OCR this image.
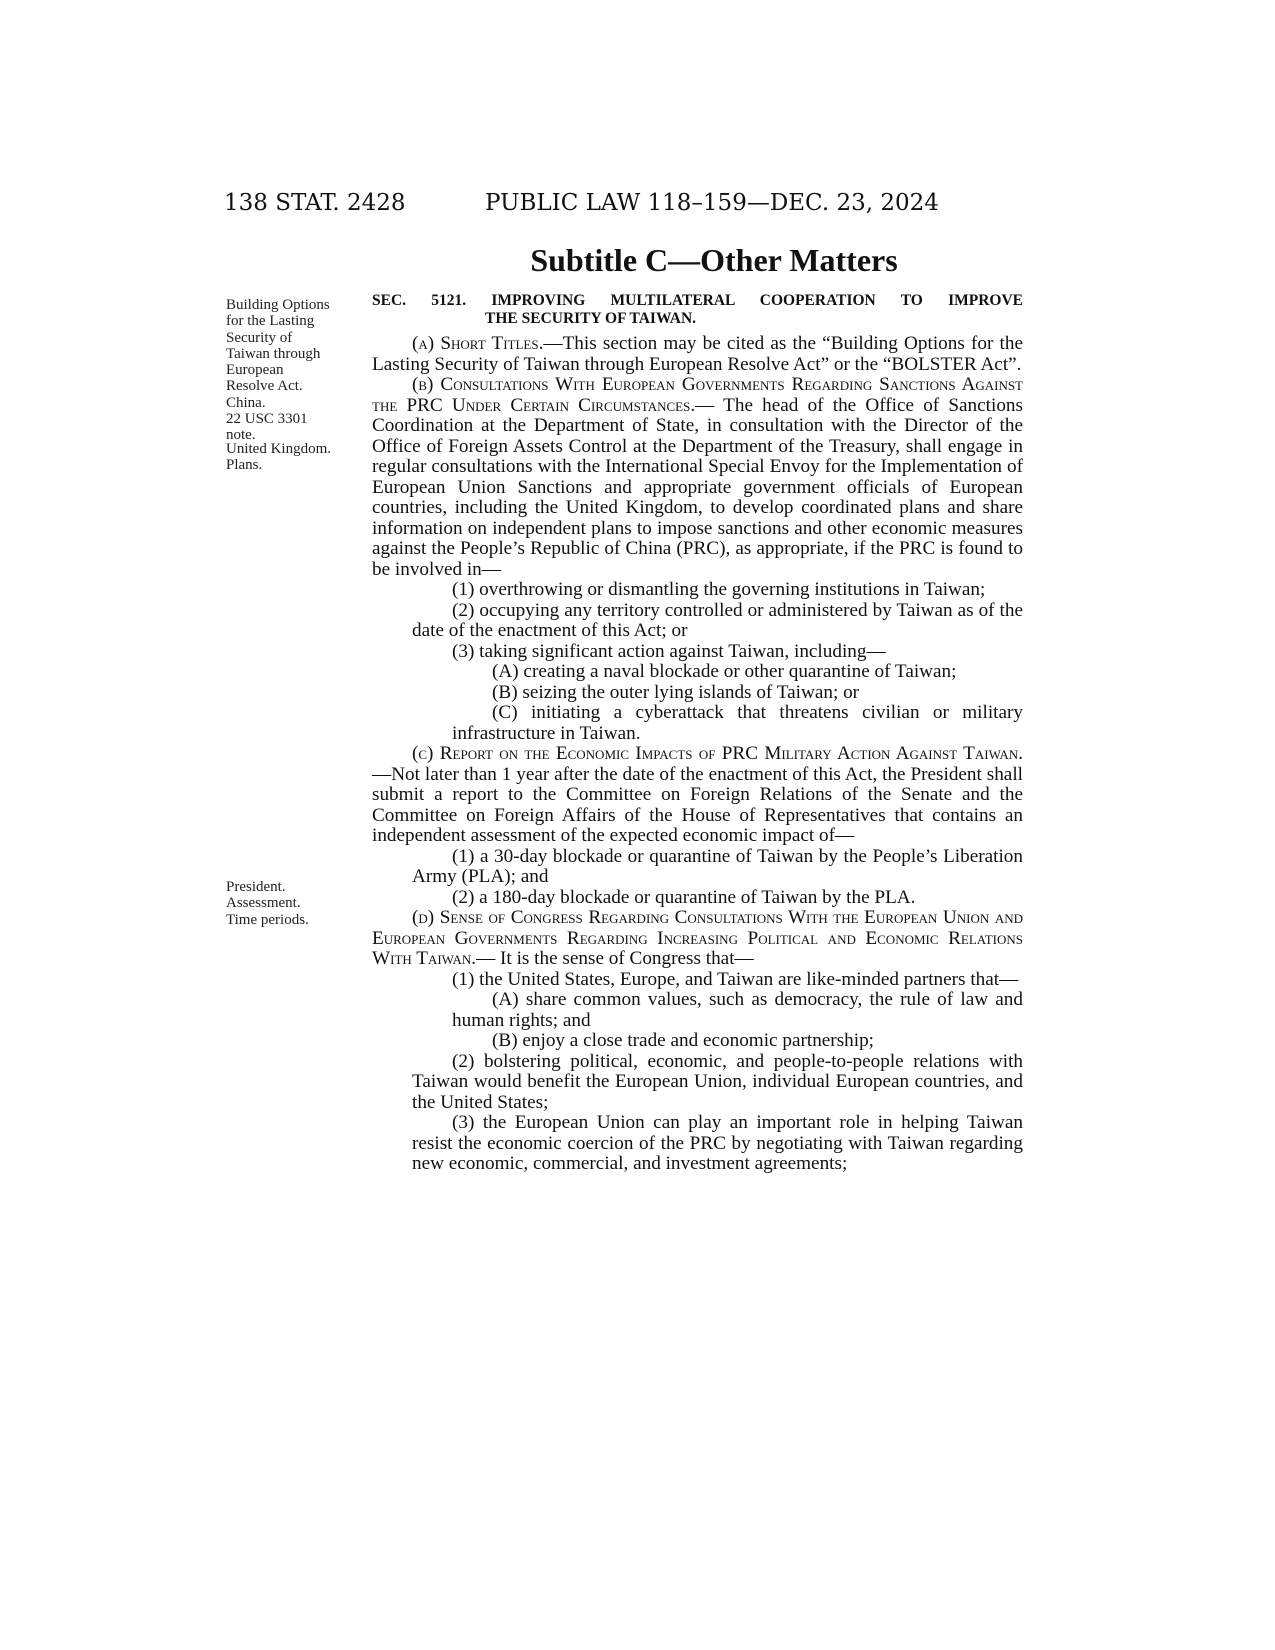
138 STAT. 2428	PUBLIC LAW 118–159—DEC. 23, 2024
Subtitle C—Other Matters
Building Options
for the Lasting
Security of
Taiwan through
European
Resolve Act.
China.
22 USC 3301
note.
United Kingdom.
Plans.
President.
Assessment.
Time periods.
SEC. 5121. IMPROVING MULTILATERAL COOPERATION TO IMPROVE
THE SECURITY OF TAIWAN.

(a) Short Titles.—This section may be cited as the “Building Options for the Lasting Security of Taiwan through European Resolve Act” or the “BOLSTER Act”.

(b) Consultations With European Governments Regarding Sanctions Against the PRC Under Certain Circumstances.— The head of the Office of Sanctions Coordination at the Department of State, in consultation with the Director of the Office of Foreign Assets Control at the Department of the Treasury, shall engage in regular consultations with the International Special Envoy for the Implementation of European Union Sanctions and appropriate government officials of European countries, including the United Kingdom, to develop coordinated plans and share information on independent plans to impose sanctions and other economic measures against the People’s Republic of China (PRC), as appropriate, if the PRC is found to be involved in—

(1) overthrowing or dismantling the governing institutions in Taiwan;

(2) occupying any territory controlled or administered by Taiwan as of the date of the enactment of this Act; or

(3) taking significant action against Taiwan, including—

(A) creating a naval blockade or other quarantine of Taiwan;

(B) seizing the outer lying islands of Taiwan; or

(C) initiating a cyberattack that threatens civilian or military infrastructure in Taiwan.

(c) Report on the Economic Impacts of PRC Military Action Against Taiwan.—Not later than 1 year after the date of the enactment of this Act, the President shall submit a report to the Committee on Foreign Relations of the Senate and the Committee on Foreign Affairs of the House of Representatives that contains an independent assessment of the expected economic impact of—

(1) a 30-day blockade or quarantine of Taiwan by the People’s Liberation Army (PLA); and

(2) a 180-day blockade or quarantine of Taiwan by the PLA.

(d) Sense of Congress Regarding Consultations With the European Union and European Governments Regarding Increasing Political and Economic Relations With Taiwan.— It is the sense of Congress that—

(1) the United States, Europe, and Taiwan are like-minded partners that—

(A) share common values, such as democracy, the rule of law and human rights; and

(B) enjoy a close trade and economic partnership;

(2) bolstering political, economic, and people-to-people relations with Taiwan would benefit the European Union, individual European countries, and the United States;

(3) the European Union can play an important role in helping Taiwan resist the economic coercion of the PRC by negotiating with Taiwan regarding new economic, commercial, and investment agreements;
